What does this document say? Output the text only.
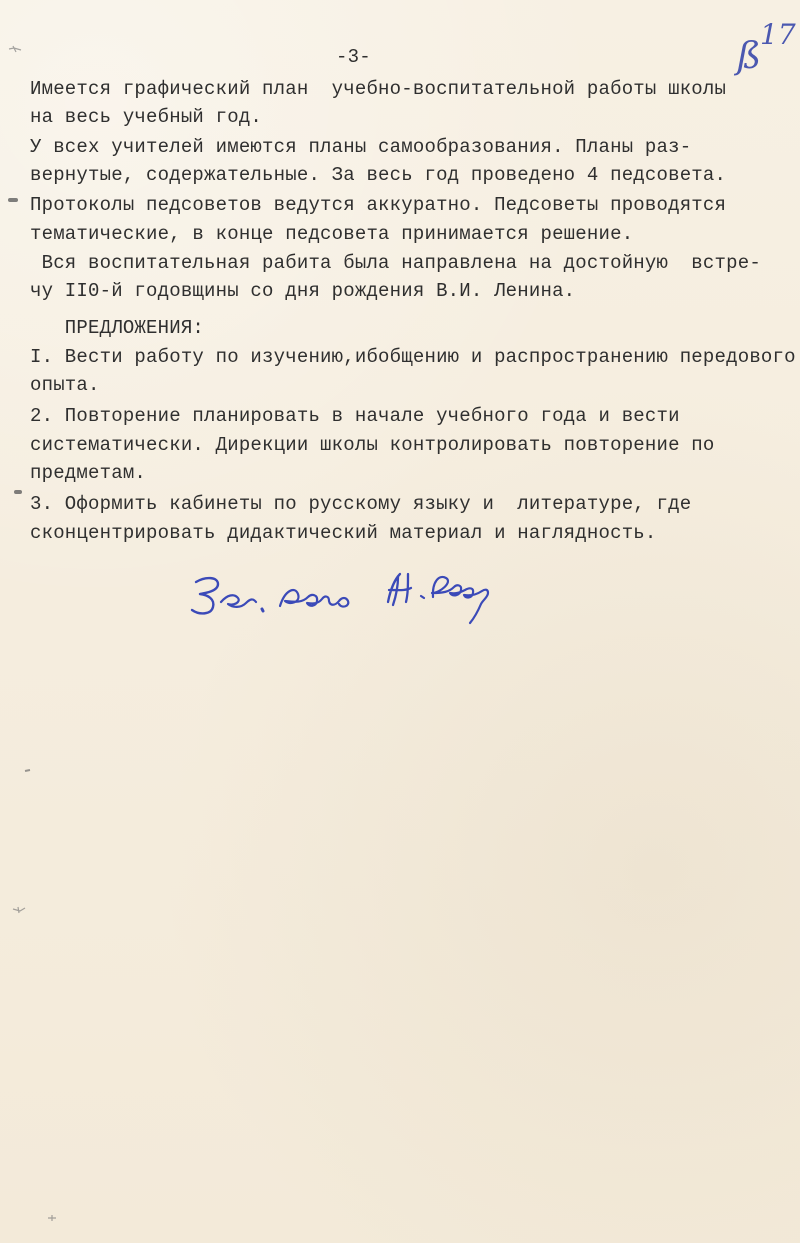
-3-	ß
17
Имеется графический план  учебно-воспитательной работы школы
на весь учебный год.
У всех учителей имеются планы самообразования. Планы раз-
вернутые, содержательные. За весь год проведено 4 педсовета.
Протоколы педсоветов ведутся аккуратно. Педсоветы проводятся
тематические, в конце педсовета принимается решение.
Вся воспитательная рабита была направлена на достойную  встре-
чу II0-й годовщины со дня рождения В.И. Ленина.
ПРЕДЛОЖЕНИЯ:
I. Вести работу по изучению,ибобщению и распространению передового
опыта.
2. Повторение планировать в начале учебного года и вести
систематически. Дирекции школы контролировать повторение по
предметам.
3. Оформить кабинеты по русскому языку и  литературе, где
сконцентрировать дидактический материал и наглядность.
